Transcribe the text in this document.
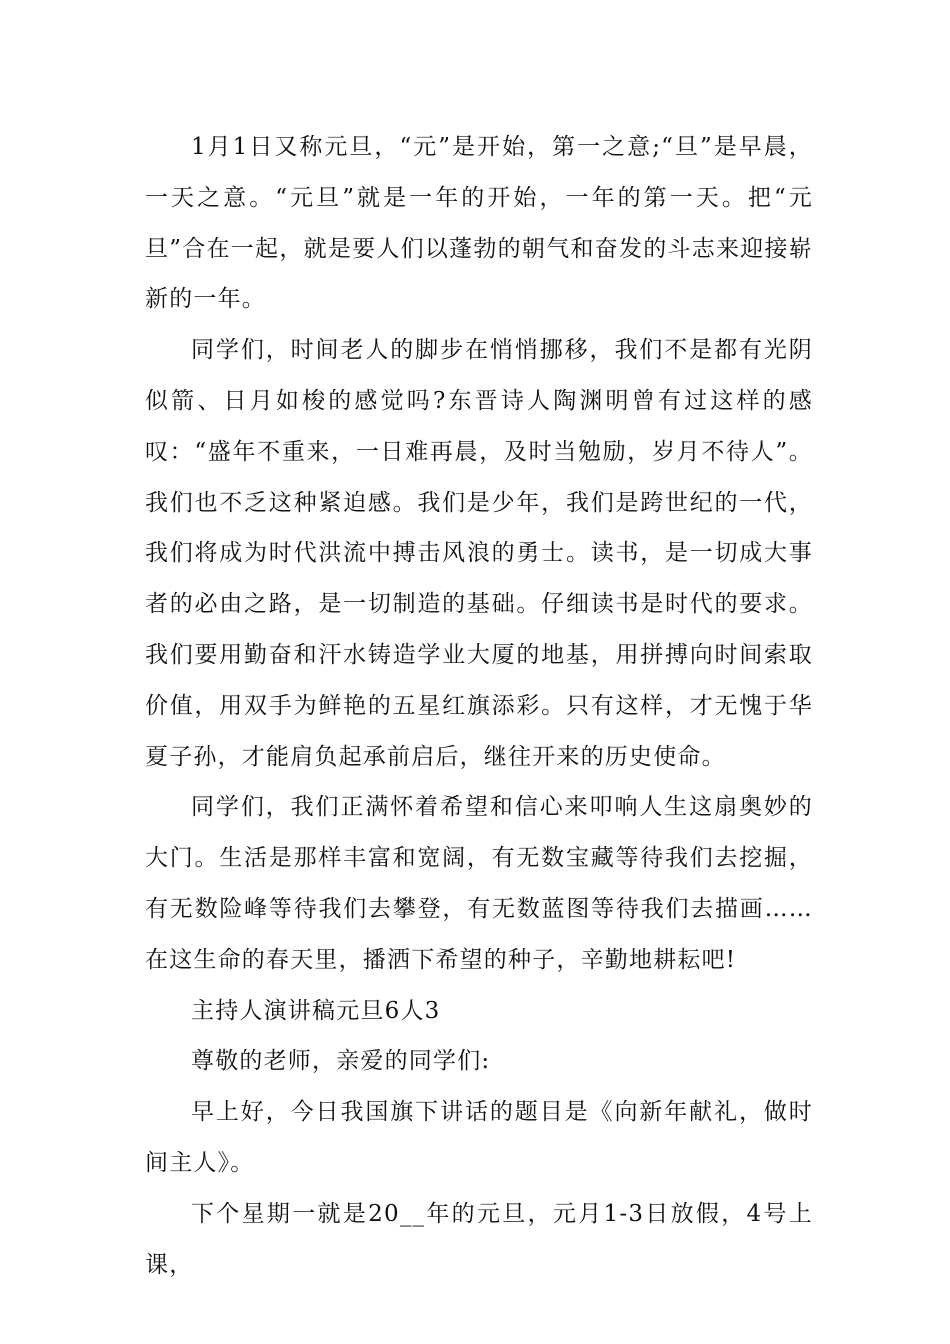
1月1日又称元旦，“元”是开始，第一之意;“旦”是早晨，一天之意。“元旦”就是一年的开始，一年的第一天。把“元旦”合在一起，就是要人们以蓬勃的朝气和奋发的斗志来迎接崭新的一年。

同学们，时间老人的脚步在悄悄挪移，我们不是都有光阴似箭、日月如梭的感觉吗?东晋诗人陶渊明曾有过这样的感叹：“盛年不重来，一日难再晨，及时当勉励，岁月不待人”。我们也不乏这种紧迫感。我们是少年，我们是跨世纪的一代，我们将成为时代洪流中搏击风浪的勇士。读书，是一切成大事者的必由之路，是一切制造的基础。仔细读书是时代的要求。我们要用勤奋和汗水铸造学业大厦的地基，用拼搏向时间索取价值，用双手为鲜艳的五星红旗添彩。只有这样，才无愧于华夏子孙，才能肩负起承前启后，继往开来的历史使命。

同学们，我们正满怀着希望和信心来叩响人生这扇奥妙的大门。生活是那样丰富和宽阔，有无数宝藏等待我们去挖掘，有无数险峰等待我们去攀登，有无数蓝图等待我们去描画……在这生命的春天里，播洒下希望的种子，辛勤地耕耘吧!

主持人演讲稿元旦6人3

尊敬的老师，亲爱的同学们:

早上好，今日我国旗下讲话的题目是《向新年献礼，做时间主人》。

下个星期一就是20__年的元旦，元月1-3日放假，4号上课，
